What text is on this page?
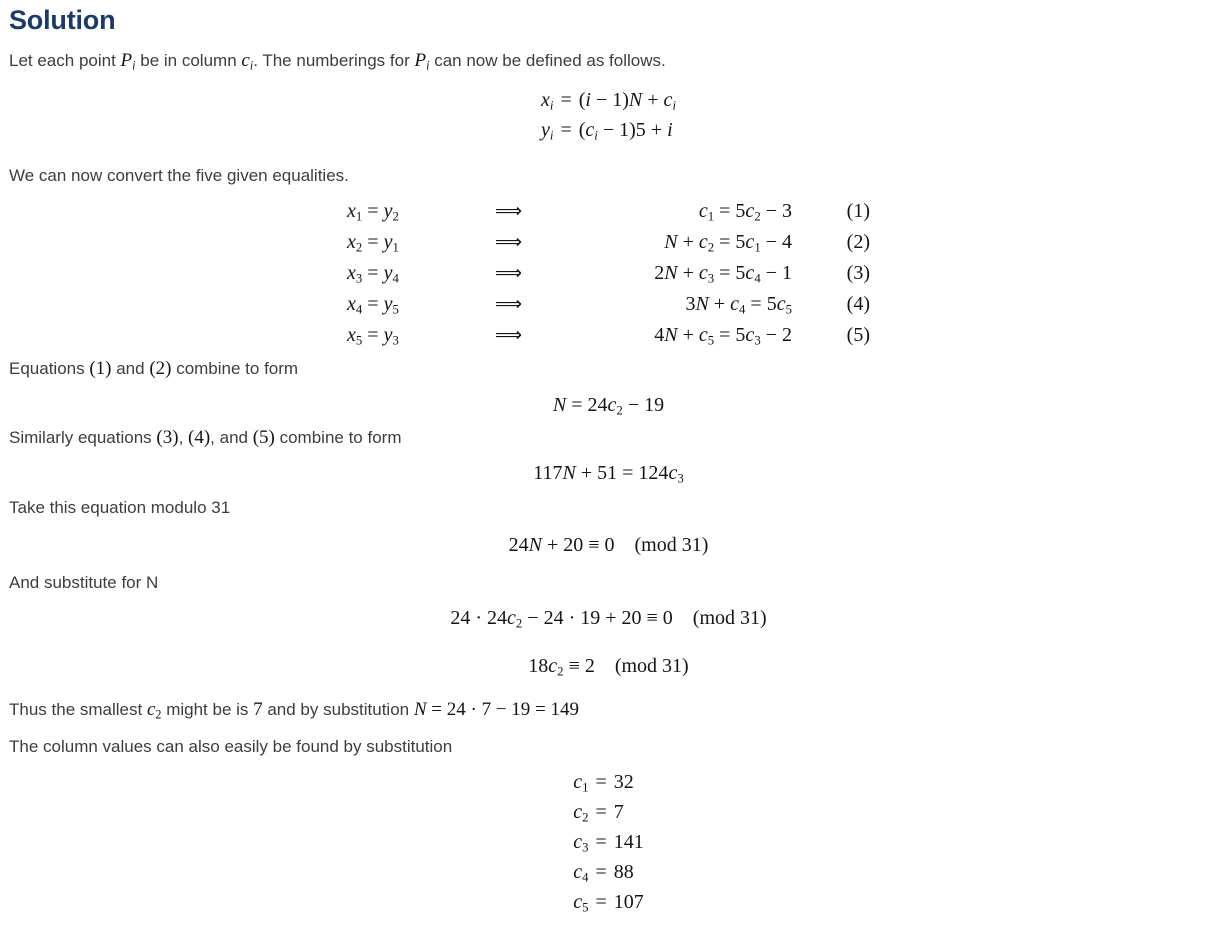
Solution

Let each point Pi be in column ci. The numberings for Pi can now be defined as follows.

xi = (i − 1)N + ci
yi = (ci − 1)5 + i

We can now convert the five given equalities.

x1 = y2	⟹	c1 = 5c2 − 3	(1)
x2 = y1	⟹	N + c2 = 5c1 − 4	(2)
x3 = y4	⟹	2N + c3 = 5c4 − 1	(3)
x4 = y5	⟹	3N + c4 = 5c5	(4)
x5 = y3	⟹	4N + c5 = 5c3 − 2	(5)

Equations (1) and (2) combine to form

N = 24c2 − 19

Similarly equations (3), (4), and (5) combine to form

117N + 51 = 124c3

Take this equation modulo 31

24N + 20 ≡ 0 (mod 31)

And substitute for N

24 · 24c2 − 24 · 19 + 20 ≡ 0 (mod 31)
18c2 ≡ 2 (mod 31)

Thus the smallest c2 might be is 7 and by substitution N = 24 · 7 − 19 = 149

The column values can also easily be found by substitution

c1 = 32
c2 = 7
c3 = 141
c4 = 88
c5 = 107
